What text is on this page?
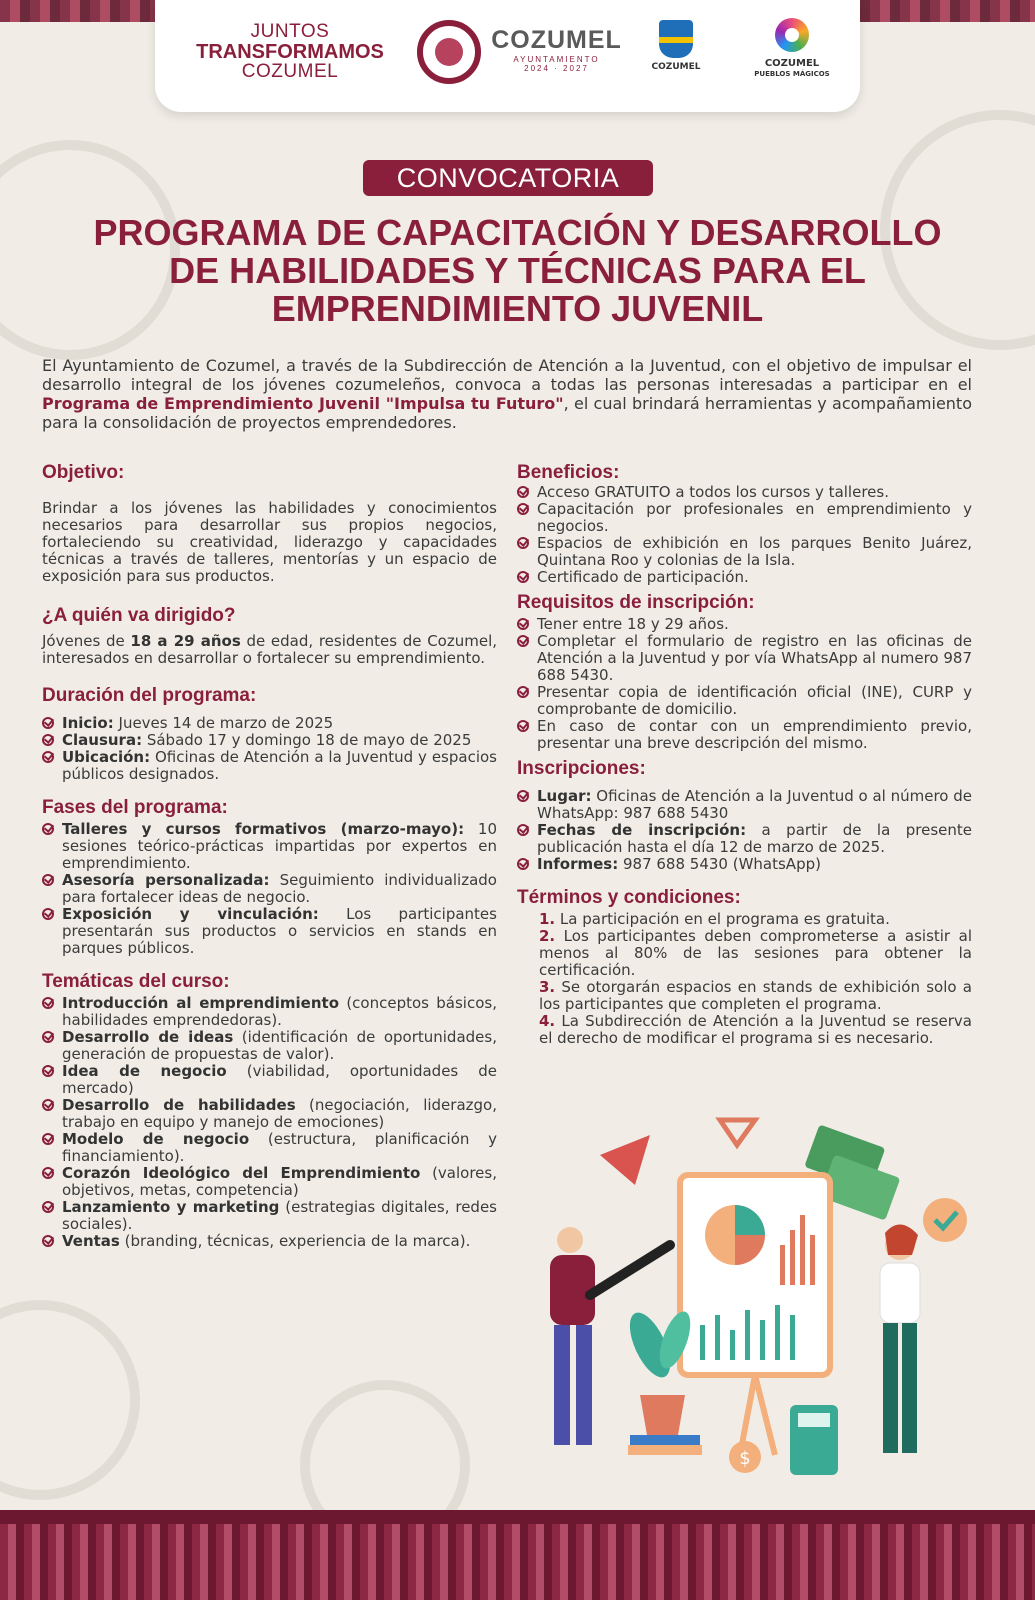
JUNTOS
TRANSFORMAMOS
COZUMEL
COZUMEL
AYUNTAMIENTO
2024 · 2027	COZUMEL	COZUMEL
PUEBLOS MÁGICOS
CONVOCATORIA
PROGRAMA DE CAPACITACIÓN Y DESARROLLO
DE HABILIDADES Y TÉCNICAS PARA EL
EMPRENDIMIENTO JUVENIL
El Ayuntamiento de Cozumel, a través de la Subdirección de Atención a la Juventud, con el objetivo de impulsar el desarrollo integral de los jóvenes cozumeleños, convoca a todas las personas interesadas a participar en el Programa de Emprendimiento Juvenil "Impulsa tu Futuro", el cual brindará herramientas y acompañamiento para la consolidación de proyectos emprendedores.
Objetivo:

Brindar a los jóvenes las habilidades y conocimientos necesarios para desarrollar sus propios negocios, fortaleciendo su creatividad, liderazgo y capacidades técnicas a través de talleres, mentorías y un espacio de exposición para sus productos.

¿A quién va dirigido?

Jóvenes de 18 a 29 años de edad, residentes de Cozumel, interesados en desarrollar o fortalecer su emprendimiento.

Duración del programa:
Inicio: Jueves 14 de marzo de 2025
Clausura: Sábado 17 y domingo 18 de mayo de 2025
Ubicación: Oficinas de Atención a la Juventud y espacios públicos designados.
Fases del programa:
Talleres y cursos formativos (marzo-mayo): 10 sesiones teórico-prácticas impartidas por expertos en emprendimiento.
Asesoría personalizada: Seguimiento individualizado para fortalecer ideas de negocio.
Exposición y vinculación: Los participantes presentarán sus productos o servicios en stands en parques públicos.
Temáticas del curso:
Introducción al emprendimiento (conceptos básicos, habilidades emprendedoras).
Desarrollo de ideas (identificación de oportunidades, generación de propuestas de valor).
Idea de negocio (viabilidad, oportunidades de mercado)
Desarrollo de habilidades (negociación, liderazgo, trabajo en equipo y manejo de emociones)
Modelo de negocio (estructura, planificación y financiamiento).
Corazón Ideológico del Emprendimiento (valores, objetivos, metas, competencia)
Lanzamiento y marketing (estrategias digitales, redes sociales).
Ventas (branding, técnicas, experiencia de la marca).
Beneficios:
Acceso GRATUITO a todos los cursos y talleres.
Capacitación por profesionales en emprendimiento y negocios.
Espacios de exhibición en los parques Benito Juárez, Quintana Roo y colonias de la Isla.
Certificado de participación.
Requisitos de inscripción:
Tener entre 18 y 29 años.
Completar el formulario de registro en las oficinas de Atención a la Juventud y por vía WhatsApp al numero 987 688 5430.
Presentar copia de identificación oficial (INE), CURP y comprobante de domicilio.
En caso de contar con un emprendimiento previo, presentar una breve descripción del mismo.
Inscripciones:
Lugar: Oficinas de Atención a la Juventud o al número de WhatsApp: 987 688 5430
Fechas de inscripción: a partir de la presente publicación hasta el día 12 de marzo de 2025.
Informes: 987 688 5430 (WhatsApp)
Términos y condiciones:
1. La participación en el programa es gratuita.
2. Los participantes deben comprometerse a asistir al menos al 80% de las sesiones para obtener la certificación.
3. Se otorgarán espacios en stands de exhibición solo a los participantes que completen el programa.
4. La Subdirección de Atención a la Juventud se reserva el derecho de modificar el programa si es necesario.
$
